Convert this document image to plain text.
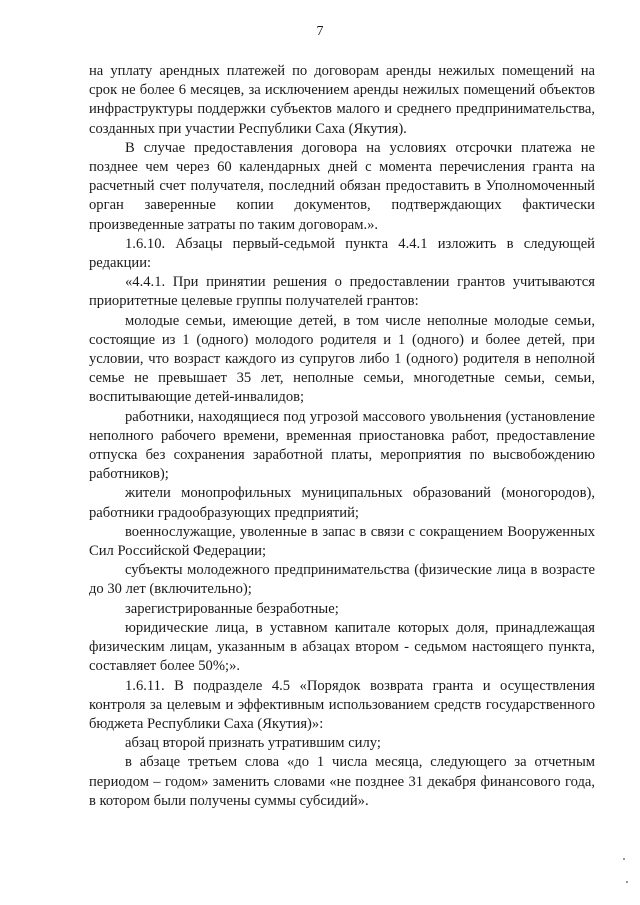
7

на уплату арендных платежей по договорам аренды нежилых помещений на срок не более 6 месяцев, за исключением аренды нежилых помещений объектов инфраструктуры поддержки субъектов малого и среднего предпринимательства, созданных при участии Республики Саха (Якутия).

В случае предоставления договора на условиях отсрочки платежа не позднее чем через 60 календарных дней с момента перечисления гранта на расчетный счет получателя, последний обязан предоставить в Уполномоченный орган заверенные копии документов, подтверждающих фактически произведенные затраты по таким договорам.».

1.6.10. Абзацы первый-седьмой пункта 4.4.1 изложить в следующей редакции:

«4.4.1. При принятии решения о предоставлении грантов учитываются приоритетные целевые группы получателей грантов:

молодые семьи, имеющие детей, в том числе неполные молодые семьи, состоящие из 1 (одного) молодого родителя и 1 (одного) и более детей, при условии, что возраст каждого из супругов либо 1 (одного) родителя в неполной семье не превышает 35 лет, неполные семьи, многодетные семьи, семьи, воспитывающие детей-инвалидов;

работники, находящиеся под угрозой массового увольнения (установление неполного рабочего времени, временная приостановка работ, предоставление отпуска без сохранения заработной платы, мероприятия по высвобождению работников);

жители монопрофильных муниципальных образований (моногородов), работники градообразующих предприятий;

военнослужащие, уволенные в запас в связи с сокращением Вооруженных Сил Российской Федерации;

субъекты молодежного предпринимательства (физические лица в возрасте до 30 лет (включительно);

зарегистрированные безработные;

юридические лица, в уставном капитале которых доля, принадлежащая физическим лицам, указанным в абзацах втором - седьмом настоящего пункта, составляет более 50%;».

1.6.11. В подразделе 4.5 «Порядок возврата гранта и осуществления контроля за целевым и эффективным использованием средств государственного бюджета Республики Саха (Якутия)»:

абзац второй признать утратившим силу;

в абзаце третьем слова «до 1 числа месяца, следующего за отчетным периодом – годом» заменить словами «не позднее 31 декабря финансового года, в котором были получены суммы субсидий».
